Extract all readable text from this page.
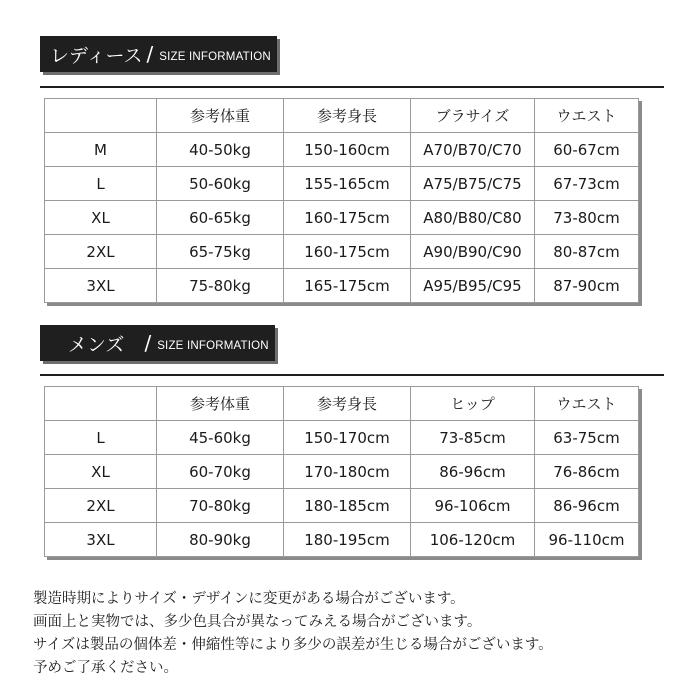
レディース / SIZE INFORMATION
	参考体重	参考身長	ブラサイズ	ウエスト
M	40-50kg	150-160cm	A70/B70/C70	60-67cm
L	50-60kg	155-165cm	A75/B75/C75	67-73cm
XL	60-65kg	160-175cm	A80/B80/C80	73-80cm
2XL	65-75kg	160-175cm	A90/B90/C90	80-87cm
3XL	75-80kg	165-175cm	A95/B95/C95	87-90cm
メンズ / SIZE INFORMATION
	参考体重	参考身長	ヒップ	ウエスト
L	45-60kg	150-170cm	73-85cm	63-75cm
XL	60-70kg	170-180cm	86-96cm	76-86cm
2XL	70-80kg	180-185cm	96-106cm	86-96cm
3XL	80-90kg	180-195cm	106-120cm	96-110cm
製造時期によりサイズ・デザインに変更がある場合がございます。
画面上と実物では、多少色具合が異なってみえる場合がございます。
サイズは製品の個体差・伸縮性等により多少の誤差が生じる場合がございます。
予めご了承ください。
